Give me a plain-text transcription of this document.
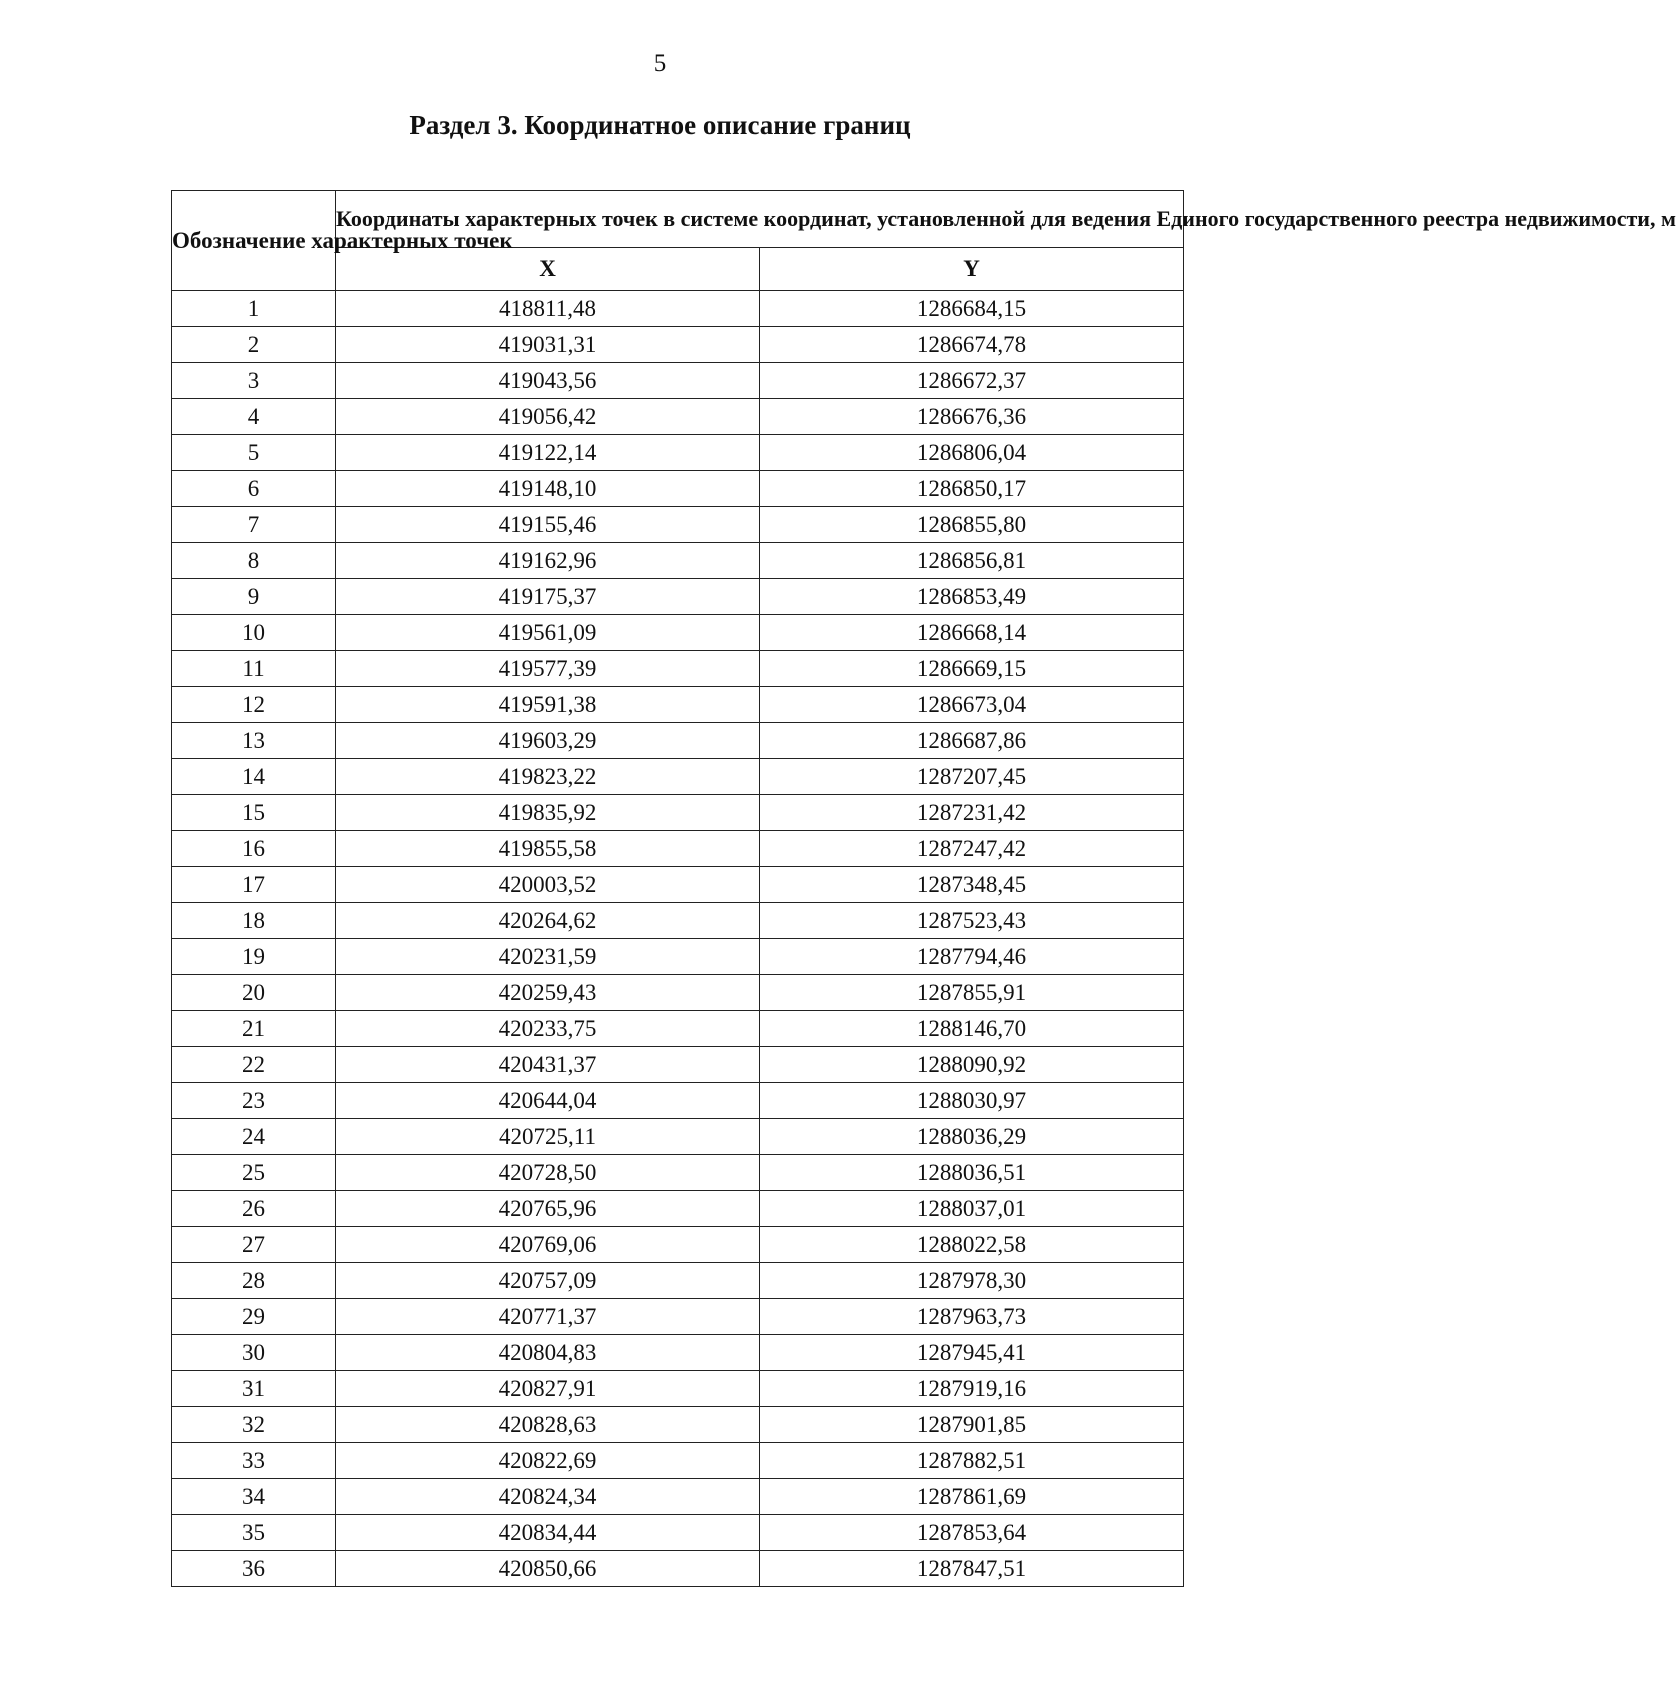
5
Раздел 3. Координатное описание границ
Обозначение характерных точек	Координаты характерных точек в системе координат, установленной для ведения Единого государственного реестра недвижимости, м	
	X	Y
1	418811,48	1286684,15
2	419031,31	1286674,78
3	419043,56	1286672,37
4	419056,42	1286676,36
5	419122,14	1286806,04
6	419148,10	1286850,17
7	419155,46	1286855,80
8	419162,96	1286856,81
9	419175,37	1286853,49
10	419561,09	1286668,14
11	419577,39	1286669,15
12	419591,38	1286673,04
13	419603,29	1286687,86
14	419823,22	1287207,45
15	419835,92	1287231,42
16	419855,58	1287247,42
17	420003,52	1287348,45
18	420264,62	1287523,43
19	420231,59	1287794,46
20	420259,43	1287855,91
21	420233,75	1288146,70
22	420431,37	1288090,92
23	420644,04	1288030,97
24	420725,11	1288036,29
25	420728,50	1288036,51
26	420765,96	1288037,01
27	420769,06	1288022,58
28	420757,09	1287978,30
29	420771,37	1287963,73
30	420804,83	1287945,41
31	420827,91	1287919,16
32	420828,63	1287901,85
33	420822,69	1287882,51
34	420824,34	1287861,69
35	420834,44	1287853,64
36	420850,66	1287847,51
